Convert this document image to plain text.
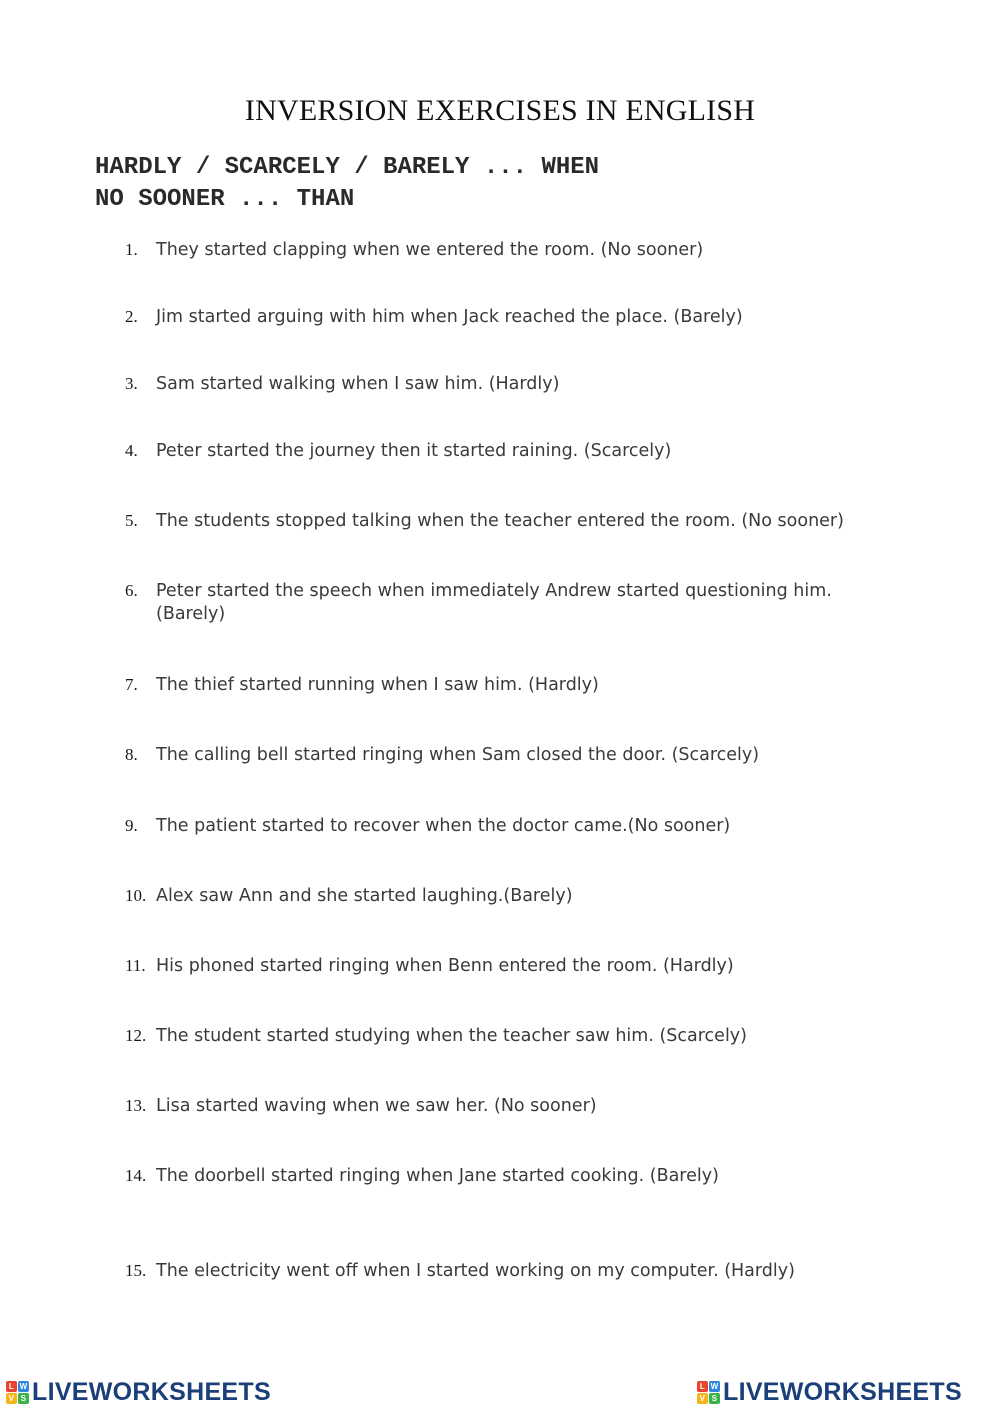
INVERSION EXERCISES IN ENGLISH
HARDLY / SCARCELY / BARELY ... WHEN
NO SOONER ... THAN
1.	They started clapping when we entered the room. (No sooner)
2.	Jim started arguing with him when Jack reached the place. (Barely)
3.	Sam started walking when I saw him. (Hardly)
4.	Peter started the journey then it started raining. (Scarcely)
5.	The students stopped talking when the teacher entered the room. (No sooner)
6.	Peter started the speech when immediately Andrew started questioning him. (Barely)
7.	The thief started running when I saw him. (Hardly)
8.	The calling bell started ringing when Sam closed the door. (Scarcely)
9.	The patient started to recover when the doctor came.(No sooner)
10. Alex saw Ann and she started laughing.(Barely)
11. His phoned started ringing when Benn entered the room. (Hardly)
12. The student started studying when the teacher saw him. (Scarcely)
13. Lisa started waving when we saw her. (No sooner)
14. The doorbell started ringing when Jane started cooking. (Barely)
15. The electricity went off when I started working on my computer. (Hardly)
L W
V S LIVEWORKSHEETS	L W
V S LIVEWORKSHEETS
